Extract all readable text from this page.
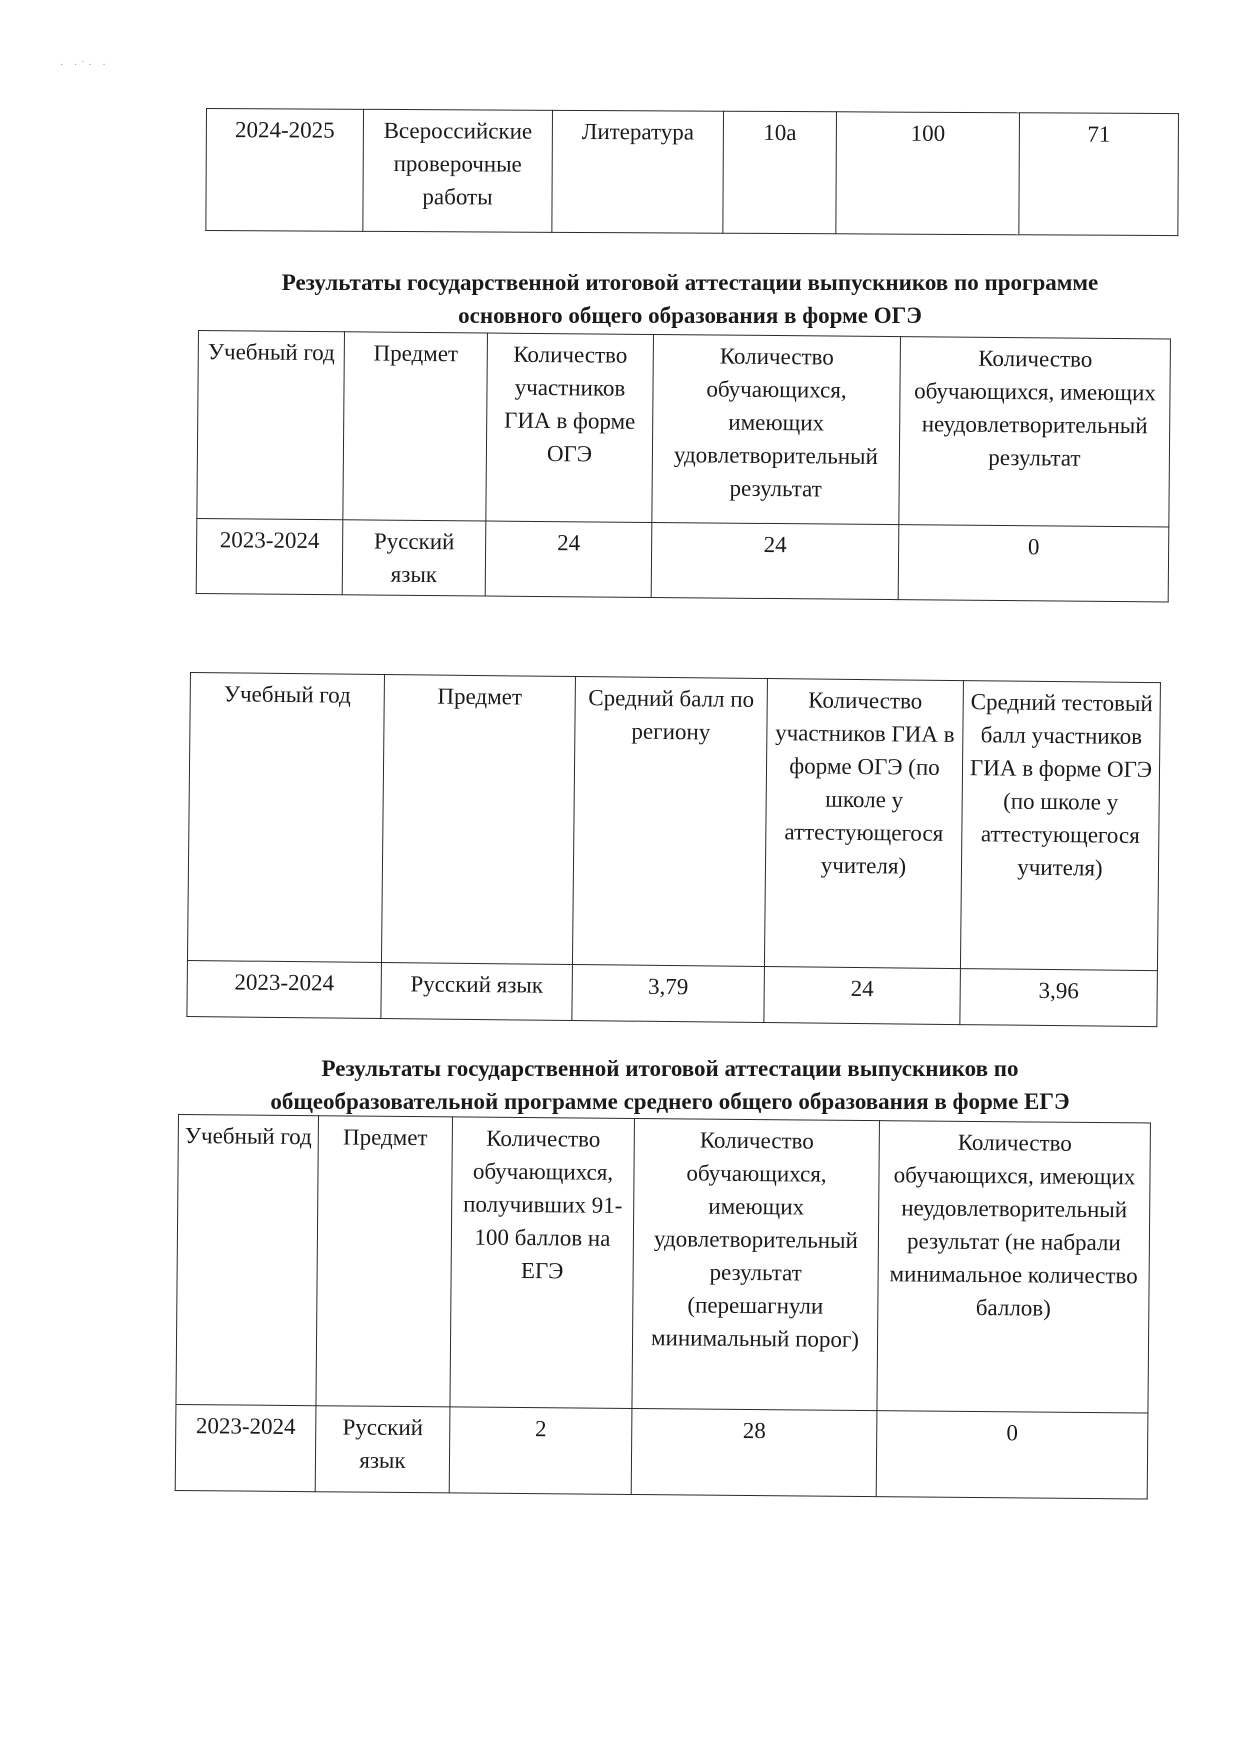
· ·˙· ·
2024-2025	Всероссийские проверочные работы	Литература	10а	100	71
Результаты государственной итоговой аттестации выпускников по программе
основного общего образования в форме ОГЭ
Учебный год	Предмет	Количество участников ГИА в форме ОГЭ	Количество обучающихся, имеющих удовлетворительный результат	Количество обучающихся, имеющих неудовлетворительный результат
2023-2024	Русский язык	24	24	0
Учебный год	Предмет	Средний балл по региону	Количество участников ГИА в форме ОГЭ (по школе у аттестующегося учителя)	Средний тестовый балл участников ГИА в форме ОГЭ (по школе у аттестующегося учителя)
2023-2024	Русский язык	3,79	24	3,96
Результаты государственной итоговой аттестации выпускников по
общеобразовательной программе среднего общего образования в форме ЕГЭ
Учебный год	Предмет	Количество обучающихся, получивших 91-100 баллов на ЕГЭ	Количество обучающихся, имеющих удовлетворительный результат (перешагнули минимальный порог)	Количество обучающихся, имеющих неудовлетворительный результат (не набрали минимальное количество баллов)
2023-2024	Русский язык	2	28	0
